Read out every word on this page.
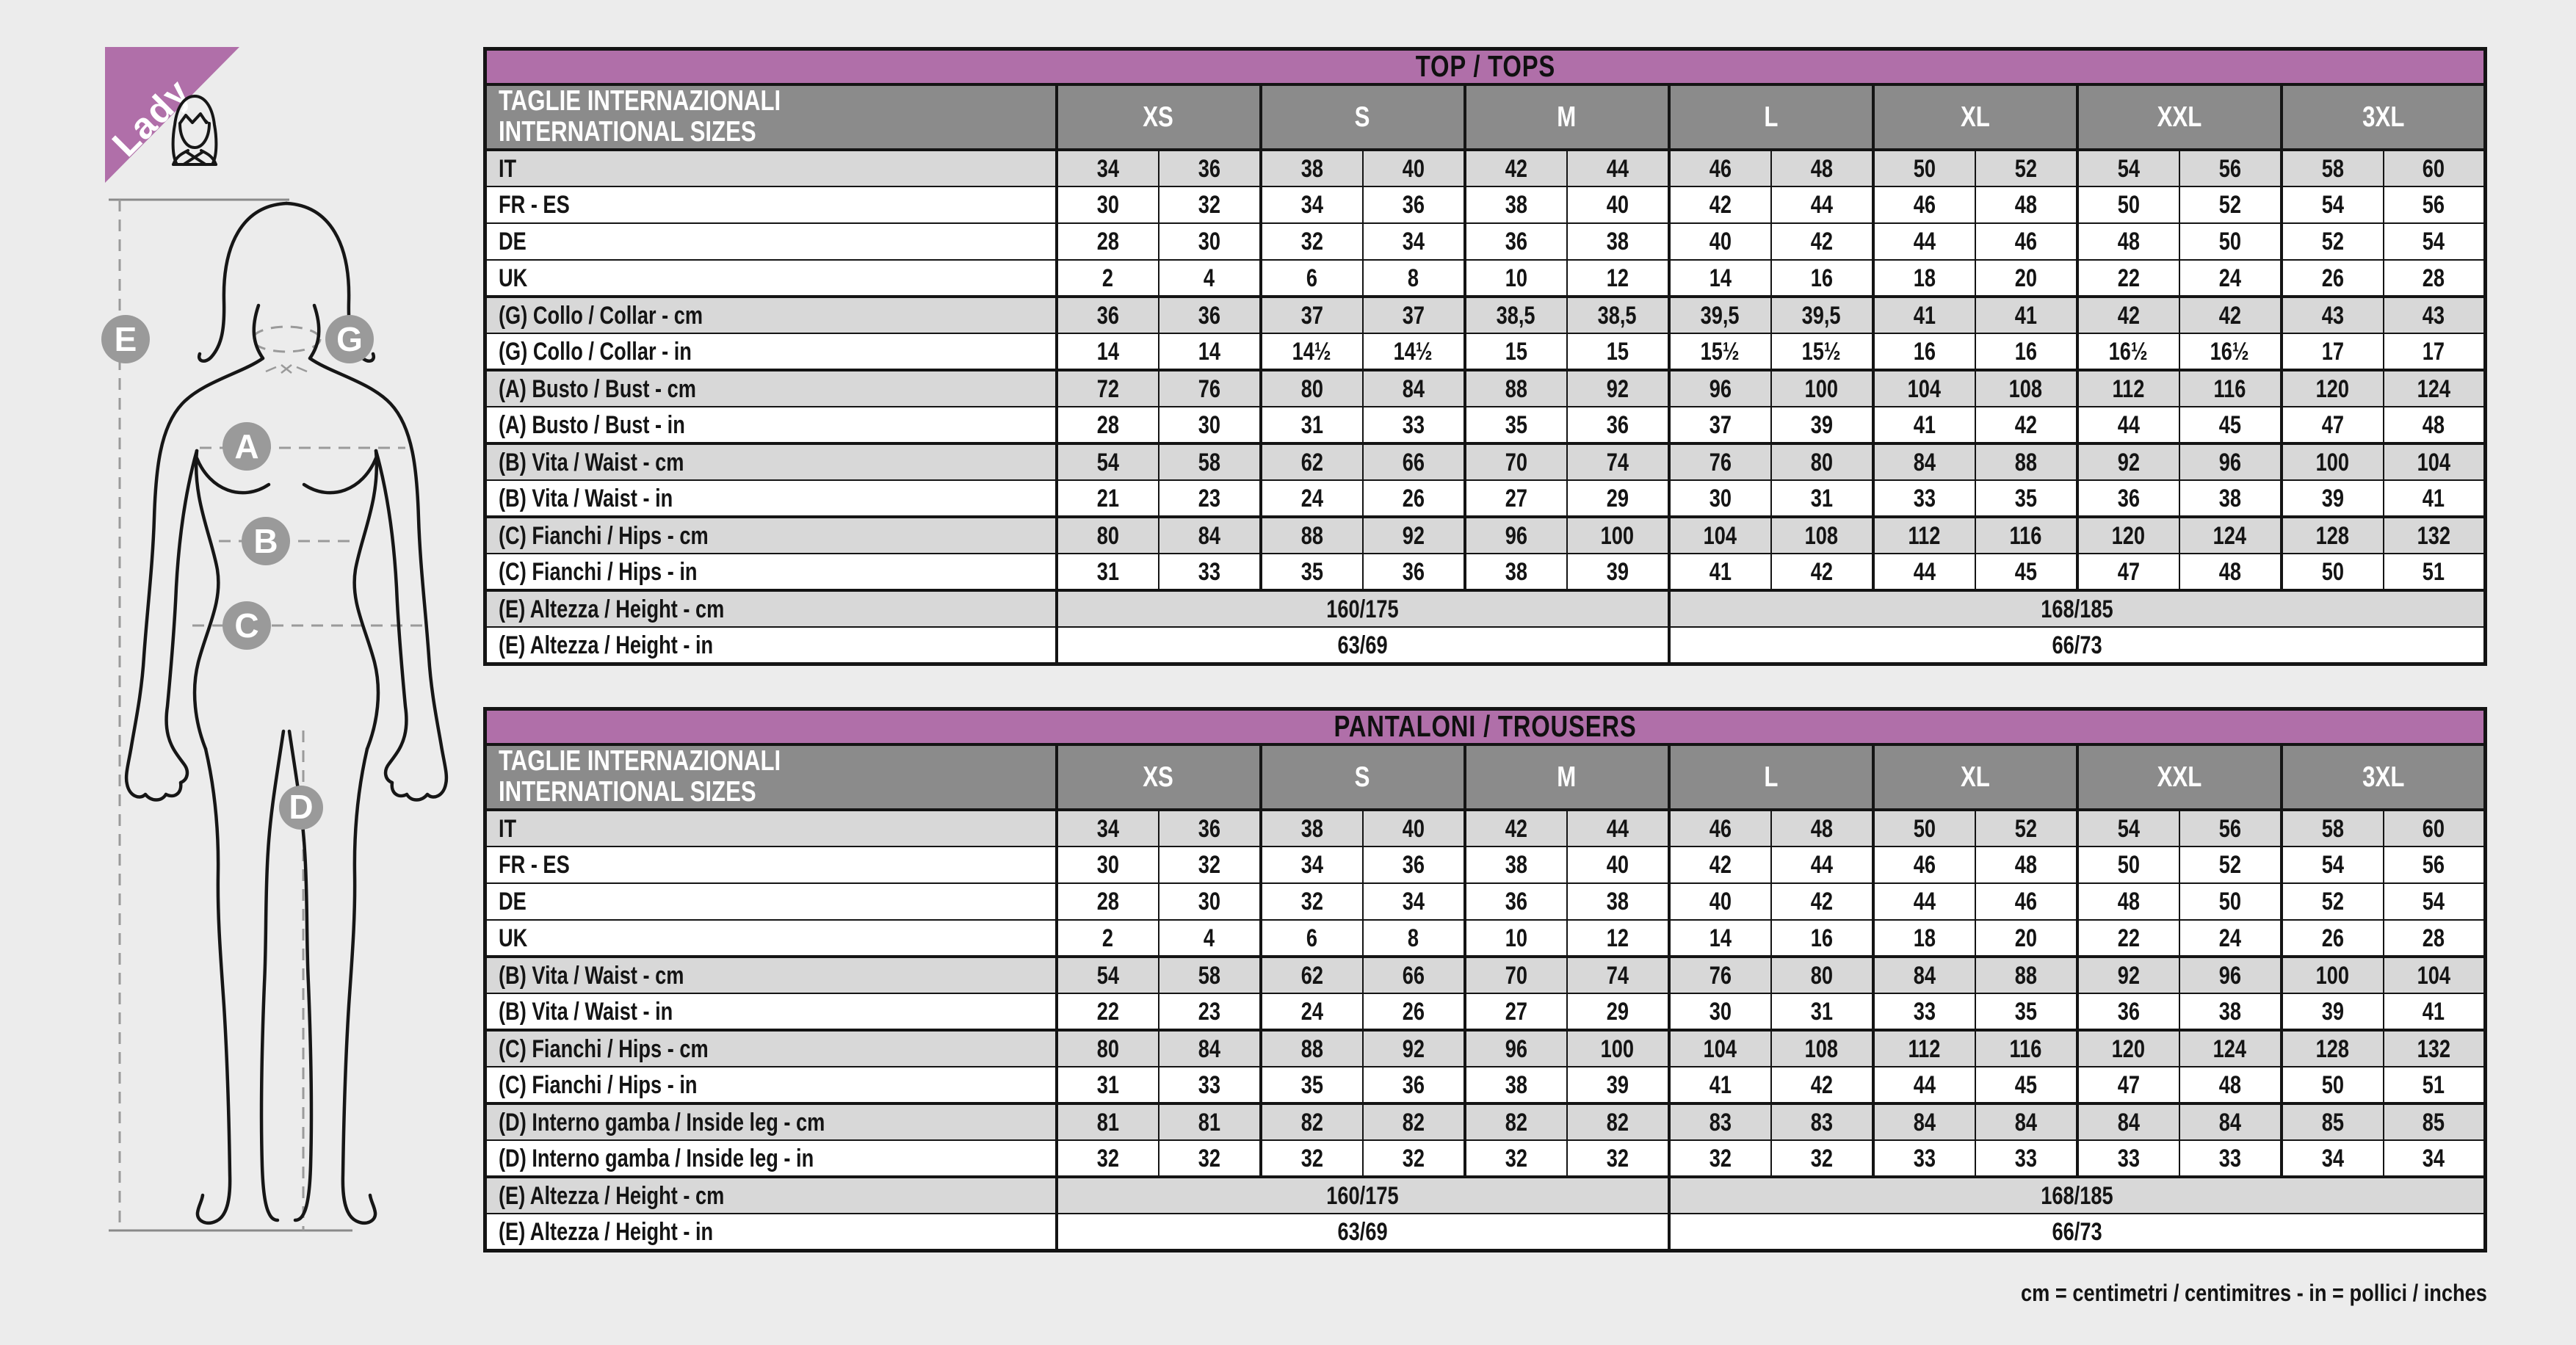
Lady
E	G
A
B
C
D
TOP / TOPS														

TAGLIE INTERNAZIONALI
INTERNATIONAL SIZES	XS		S		M		L		XL		XXL		3XL	
IT	34	36	38	40	42	44	46	48	50	52	54	56	58	60
FR - ES	30	32	34	36	38	40	42	44	46	48	50	52	54	56
DE	28	30	32	34	36	38	40	42	44	46	48	50	52	54
UK	2	4	6	8	10	12	14	16	18	20	22	24	26	28
(G) Collo / Collar - cm	36	36	37	37	38,5	38,5	39,5	39,5	41	41	42	42	43	43
(G) Collo / Collar - in	14	14	14½	14½	15	15	15½	15½	16	16	16½	16½	17	17
(A) Busto / Bust - cm	72	76	80	84	88	92	96	100	104	108	112	116	120	124
(A) Busto / Bust - in	28	30	31	33	35	36	37	39	41	42	44	45	47	48
(B) Vita / Waist - cm	54	58	62	66	70	74	76	80	84	88	92	96	100	104
(B) Vita / Waist - in	21	23	24	26	27	29	30	31	33	35	36	38	39	41
(C) Fianchi / Hips - cm	80	84	88	92	96	100	104	108	112	116	120	124	128	132
(C) Fianchi / Hips - in	31	33	35	36	38	39	41	42	44	45	47	48	50	51
(E) Altezza / Height - cm	160/175						168/185							
(E) Altezza / Height - in	63/69						66/73							
PANTALONI / TROUSERS														

TAGLIE INTERNAZIONALI
INTERNATIONAL SIZES	XS		S		M		L		XL		XXL		3XL	
IT	34	36	38	40	42	44	46	48	50	52	54	56	58	60
FR - ES	30	32	34	36	38	40	42	44	46	48	50	52	54	56
DE	28	30	32	34	36	38	40	42	44	46	48	50	52	54
UK	2	4	6	8	10	12	14	16	18	20	22	24	26	28
(B) Vita / Waist - cm	54	58	62	66	70	74	76	80	84	88	92	96	100	104
(B) Vita / Waist - in	22	23	24	26	27	29	30	31	33	35	36	38	39	41
(C) Fianchi / Hips - cm	80	84	88	92	96	100	104	108	112	116	120	124	128	132
(C) Fianchi / Hips - in	31	33	35	36	38	39	41	42	44	45	47	48	50	51
(D) Interno gamba / Inside leg - cm	81	81	82	82	82	82	83	83	84	84	84	84	85	85
(D) Interno gamba / Inside leg - in	32	32	32	32	32	32	32	32	33	33	33	33	34	34
(E) Altezza / Height - cm	160/175						168/185							
(E) Altezza / Height - in	63/69						66/73							
cm = centimetri / centimitres - in = pollici / inches
